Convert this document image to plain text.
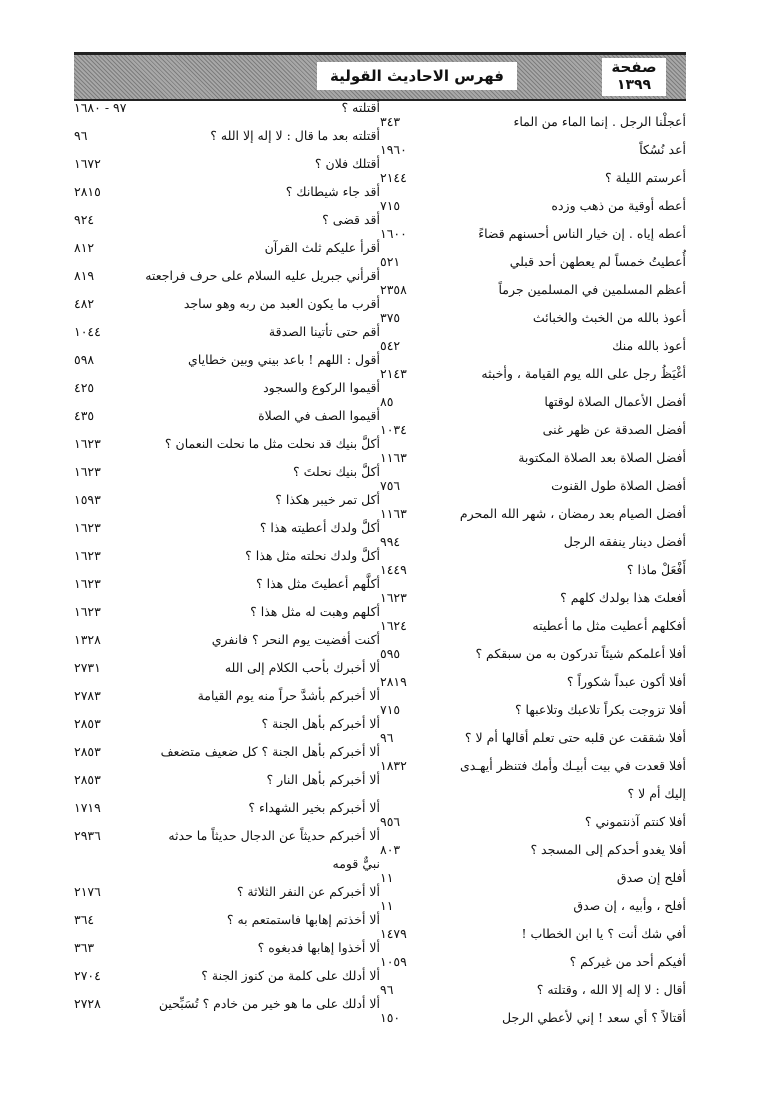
فهرس الاحاديث القولية	صفحة
١٣٩٩
أعجلْنا الرجل . إنما الماء من الماء
٣٤٣
أعد نُسُكاً
١٩٦٠
أعرستم الليلة ؟
٢١٤٤
أعطه أوقية من ذهب وزده
٧١٥
أعطه إياه . إن خيار الناس أحسنهم قضاءً
١٦٠٠
أُعطيتُ خمساً لم يعطهن أحد قبلي
٥٢١
أعظم المسلمين في المسلمين جرماً
٢٣٥٨
أعوذ بالله من الخبث والخبائث
٣٧٥
أعوذ بالله منك
٥٤٢
أغْيَظُ رجل على الله يوم القيامة ، وأخبثه
٢١٤٣
أفضل الأعمال الصلاة لوقتها
٨٥
أفضل الصدقة عن ظهر غنى
١٠٣٤
أفضل الصلاة بعد الصلاة المكتوبة
١١٦٣
أفضل الصلاة طول القنوت
٧٥٦
أفضل الصيام بعد رمضان ، شهر الله المحرم
١١٦٣
أفضل دينار ينفقه الرجل
٩٩٤
أَفْعَلْ ماذا ؟
١٤٤٩
أفعلتَ هذا بولدك كلهم ؟
١٦٢٣
أفكلهم أعطيت مثل ما أعطيته
١٦٢٤
أفلا أعلمكم شيئاً تدركون به من سبقكم ؟
٥٩٥
أفلا أكون عبداً شكوراً ؟
٢٨١٩
أفلا تزوجت بكراً تلاعبك وتلاعبها ؟
٧١٥
أفلا شققت عن قلبه حتى تعلم أقالها أم لا ؟
٩٦
أفلا قعدت في بيت أبيـك وأمك فتنظر أيهـدى
إليك أم لا ؟
١٨٣٢
أفلا كنتم آذنتموني ؟
٩٥٦
أفلا يغدو أحدكم إلى المسجد ؟
٨٠٣
أفلح إن صدق
١١
أفلح ، وأبيه ، إن صدق
١١
أفي شك أنت ؟ يا ابن الخطاب !
١٤٧٩
أفيكم أحد من غيركم ؟
١٠٥٩
أقال : لا إله إلا الله ، وقتلته ؟
٩٦
أقتالاً ؟ أي سعد ! إني لأعطي الرجل
١٥٠
أقتلته ؟
٩٧ - ١٦٨٠
أقتلته بعد ما قال : لا إله إلا الله ؟
٩٦
أقتلك فلان ؟
١٦٧٢
أقد جاء شيطانك ؟
٢٨١٥
أقد قضى ؟
٩٢٤
أقرأ عليكم ثلث القرآن
٨١٢
أقرأني جبريل عليه السلام على حرف فراجعته
٨١٩
أقرب ما يكون العبد من ربه وهو ساجد
٤٨٢
أقم حتى تأتينا الصدقة
١٠٤٤
أقول : اللهم ! باعد بيني وبين خطاياي
٥٩٨
أقيموا الركوع والسجود
٤٢٥
أقيموا الصف في الصلاة
٤٣٥
أكلَّ بنيك قد نحلت مثل ما نحلت النعمان ؟
١٦٢٣
أكلَّ بنيك نحلتَ ؟
١٦٢٣
أكل تمر خيبر هكذا ؟
١٥٩٣
أكلَّ ولدك أعطيته هذا ؟
١٦٢٣
أكلَّ ولدك نحلته مثل هذا ؟
١٦٢٣
أكلَّهم أعطيتَ مثل هذا ؟
١٦٢٣
أكلهم وهبت له مثل هذا ؟
١٦٢٣
أكنت أفضيت يوم النحر ؟ فانفري
١٣٢٨
ألا أخبرك بأحب الكلام إلى الله
٢٧٣١
ألا أخبركم بأشدَّ حراً منه يوم القيامة
٢٧٨٣
ألا أخبركم بأهل الجنة ؟
٢٨٥٣
ألا أخبركم بأهل الجنة ؟ كل ضعيف متضعف
٢٨٥٣
ألا أخبركم بأهل النار ؟
٢٨٥٣
ألا أخبركم بخير الشهداء ؟
١٧١٩
ألا أخبركم حديثاً عن الدجال حديثاً ما حدثه
نبيٌّ قومه
٢٩٣٦
ألا أخبركم عن النفر الثلاثة ؟
٢١٧٦
ألا أخذتم إهابها فاستمتعم به ؟
٣٦٤
ألا أخذوا إهابها فدبغوه ؟
٣٦٣
ألا أدلك على كلمة من كنوز الجنة ؟
٢٧٠٤
ألا أدلك على ما هو خير من خادم ؟ تُسَبِّحين
٢٧٢٨
